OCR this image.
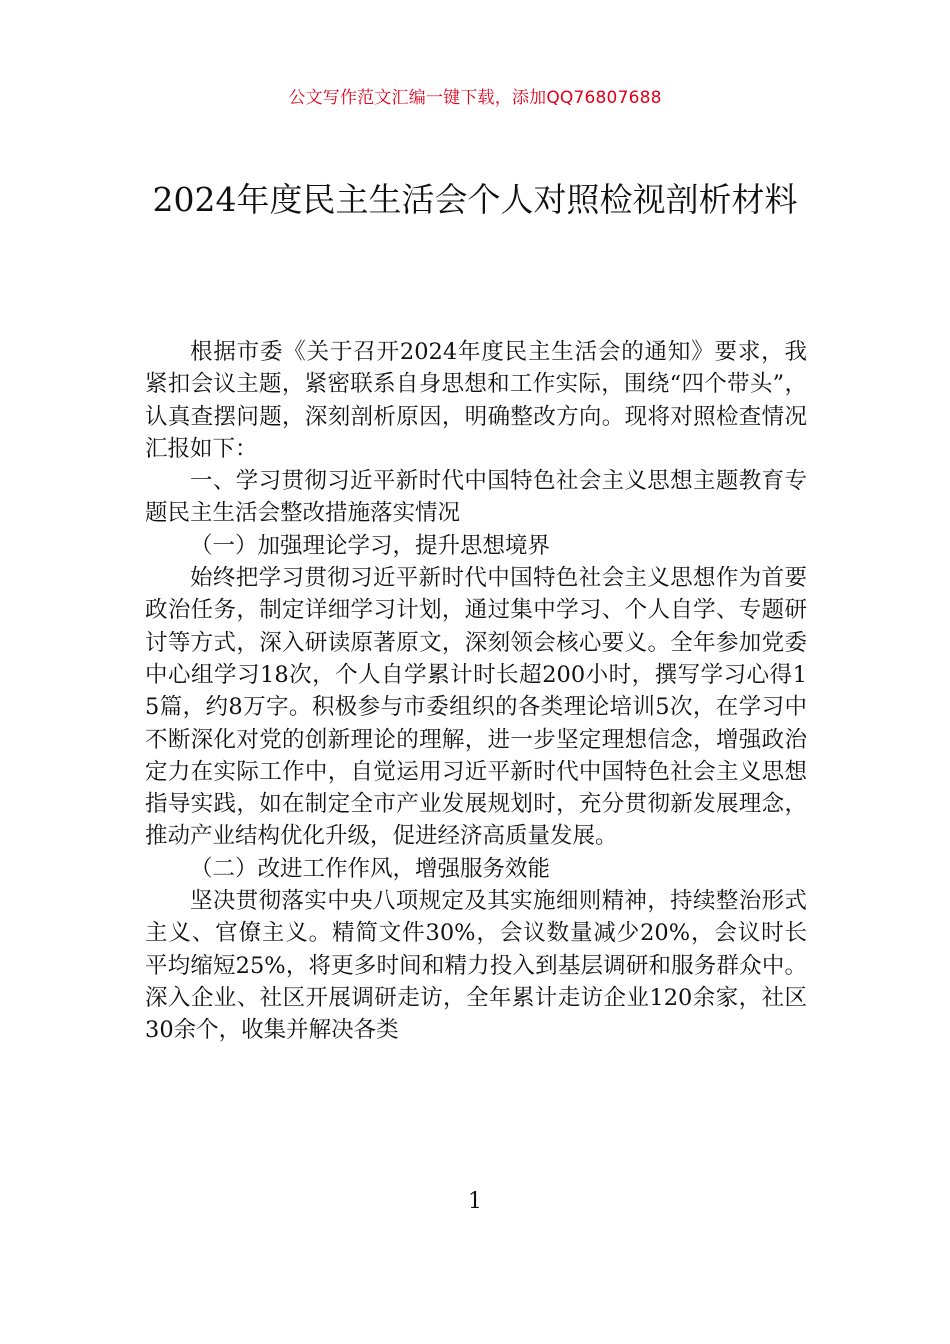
公文写作范文汇编一键下载，添加QQ76807688
2024年度民主生活会个人对照检视剖析材料

根据市委《关于召开2024年度民主生活会的通知》要求，我紧扣会议主题，紧密联系自身思想和工作实际，围绕“四个带头”，认真查摆问题，深刻剖析原因，明确整改方向。现将对照检查情况汇报如下：

一、学习贯彻习近平新时代中国特色社会主义思想主题教育专题民主生活会整改措施落实情况

（一）加强理论学习，提升思想境界

始终把学习贯彻习近平新时代中国特色社会主义思想作为首要政治任务，制定详细学习计划，通过集中学习、个人自学、专题研讨等方式，深入研读原著原文，深刻领会核心要义。全年参加党委中心组学习18次，个人自学累计时长超200小时，撰写学习心得15篇，约8万字。积极参与市委组织的各类理论培训5次，在学习中不断深化对党的创新理论的理解，进一步坚定理想信念，增强政治定力在实际工作中，自觉运用习近平新时代中国特色社会主义思想指导实践，如在制定全市产业发展规划时，充分贯彻新发展理念，推动产业结构优化升级，促进经济高质量发展。

（二）改进工作作风，增强服务效能

坚决贯彻落实中央八项规定及其实施细则精神，持续整治形式主义、官僚主义。精简文件30%，会议数量减少20%，会议时长平均缩短25%，将更多时间和精力投入到基层调研和服务群众中。深入企业、社区开展调研走访，全年累计走访企业120余家，社区30余个，收集并解决各类

1
